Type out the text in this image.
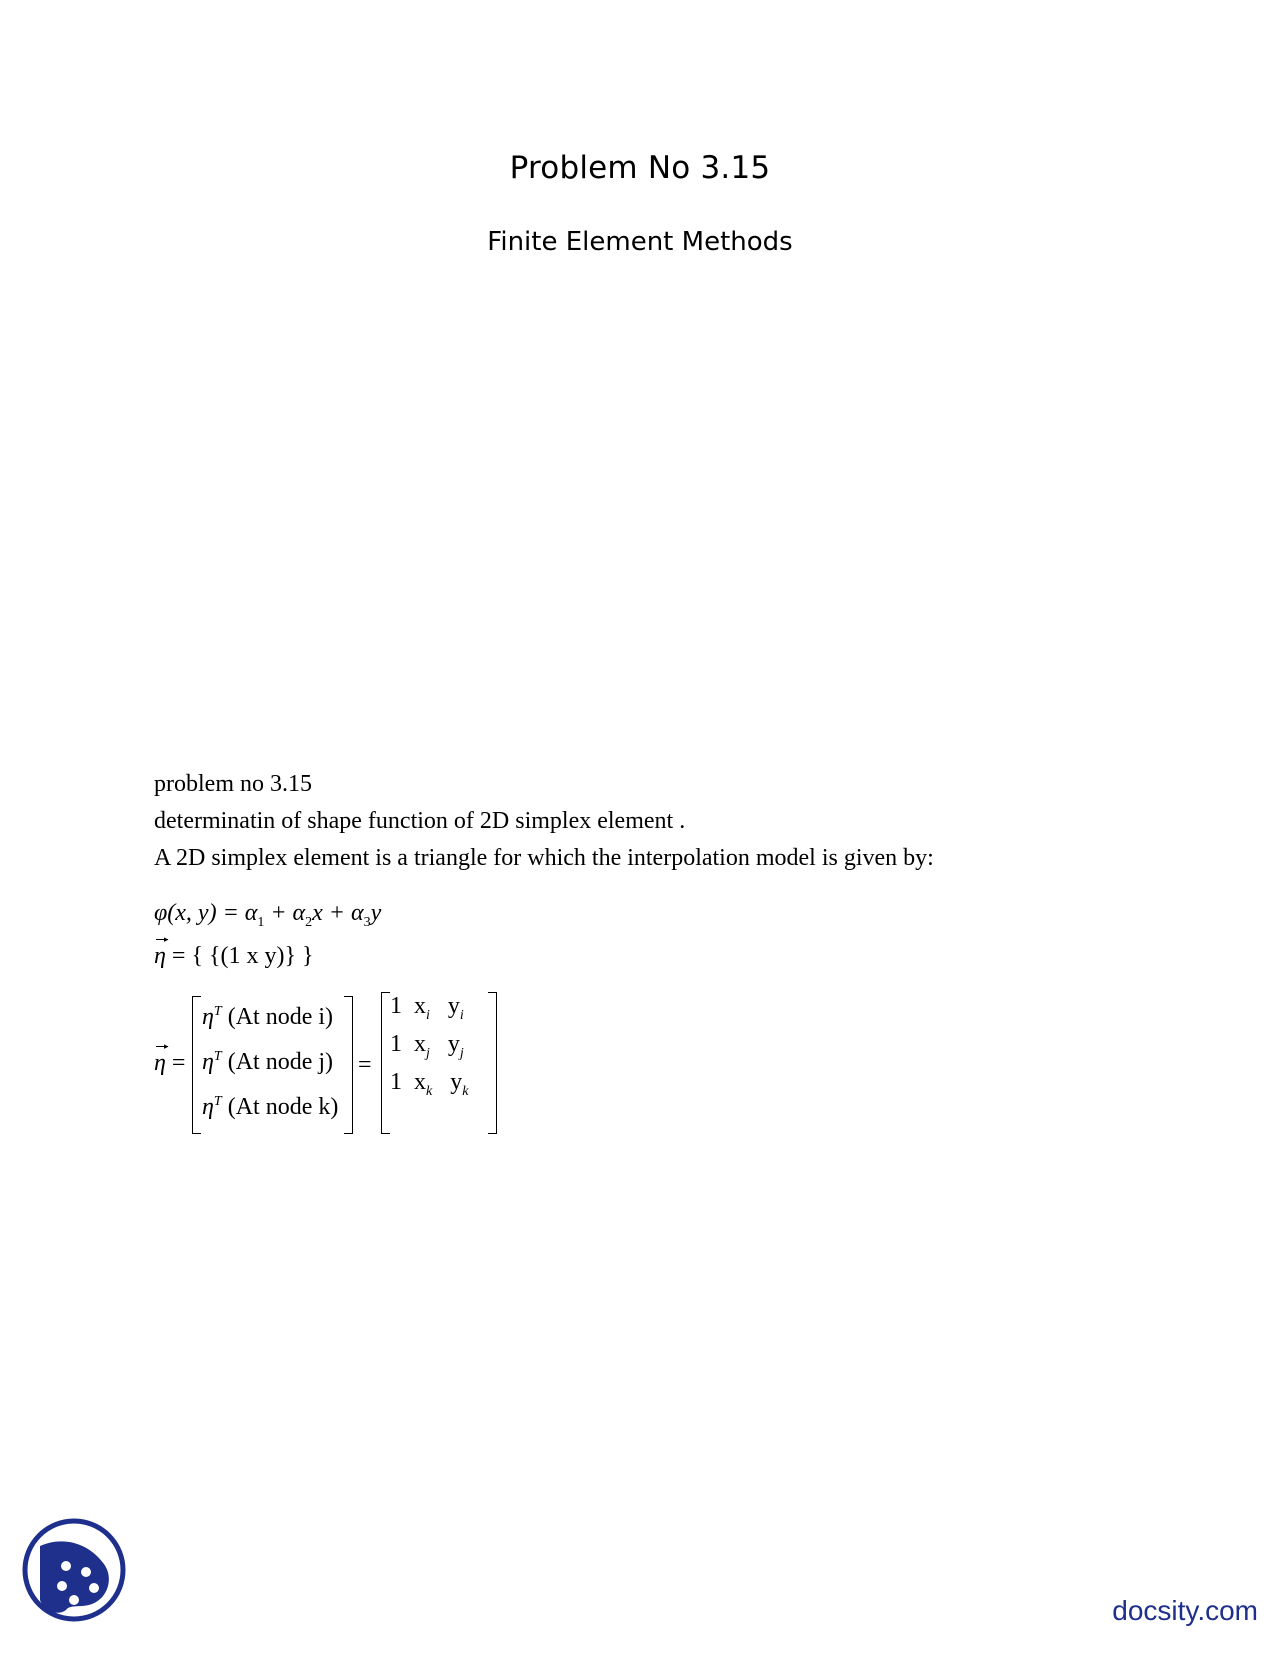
Problem No 3.15
Finite Element Methods
problem no 3.15
determinatin of shape function of 2D simplex element .
A 2D simplex element is a triangle for which the interpolation model is given by:
φ(x, $y) = \alpha_1 + \alpha_2x + \alpha_3y$
▸
η = { {(1 x y)} }
▸
η =
$\eta^T$ (At node i)
$\eta^T$ (At node j)
$\eta^T$ (At node k)
=
1 $x_i$ $y_i$
1 $x_j$ $y_j$
1 $x_k$ $y_k$
docsity.com
